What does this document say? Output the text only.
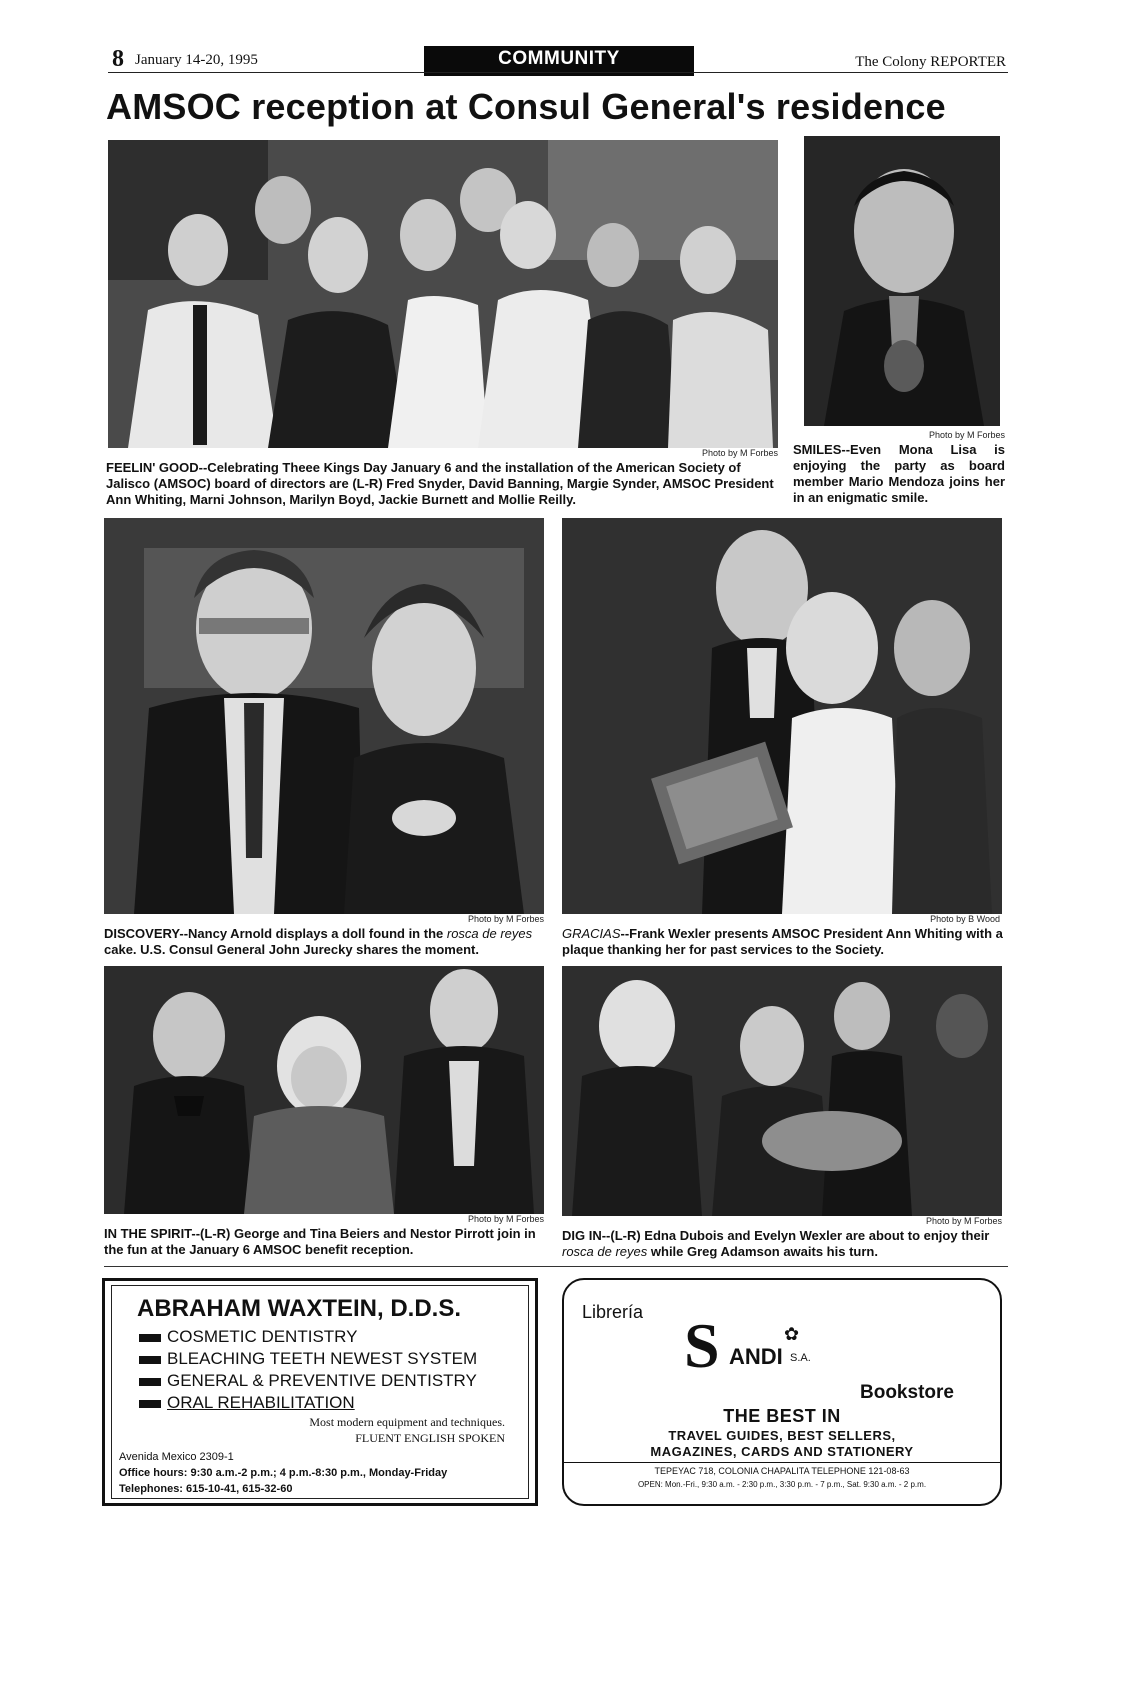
8 January 14-20, 1995	COMMUNITY	The Colony REPORTER
AMSOC reception at Consul General's residence
Photo by M Forbes
FEELIN' GOOD--Celebrating Theee Kings Day January 6 and the installation of the American Society of Jalisco (AMSOC) board of directors are (L-R) Fred Snyder, David Banning, Margie Synder, AMSOC President Ann Whiting, Marni Johnson, Marilyn Boyd, Jackie Burnett and Mollie Reilly.
Photo by M Forbes
SMILES--Even Mona Lisa is enjoying the party as board member Mario Mendoza joins her in an enigmatic smile.
Photo by M Forbes
DISCOVERY--Nancy Arnold displays a doll found in the rosca de reyes cake. U.S. Consul General John Jurecky shares the moment.
Photo by B Wood
GRACIAS--Frank Wexler presents AMSOC President Ann Whiting with a plaque thanking her for past services to the Society.
Photo by M Forbes
IN THE SPIRIT--(L-R) George and Tina Beiers and Nestor Pirrott join in the fun at the January 6 AMSOC benefit reception.
Photo by M Forbes
DIG IN--(L-R) Edna Dubois and Evelyn Wexler are about to enjoy their rosca de reyes while Greg Adamson awaits his turn.
ABRAHAM WAXTEIN, D.D.S.
COSMETIC DENTISTRY
BLEACHING TEETH NEWEST SYSTEM
GENERAL & PREVENTIVE DENTISTRY
ORAL REHABILITATION
Most modern equipment and techniques.
FLUENT ENGLISH SPOKEN
Avenida Mexico 2309-1
Office hours: 9:30 a.m.-2 p.m.; 4 p.m.-8:30 p.m., Monday-Friday
Telephones: 615-10-41, 615-32-60
Librería S	✿
ANDI S.A.
Bookstore
THE BEST IN
TRAVEL GUIDES, BEST SELLERS,
MAGAZINES, CARDS AND STATIONERY
TEPEYAC 718, COLONIA CHAPALITA TELEPHONE 121-08-63
OPEN: Mon.-Fri., 9:30 a.m. - 2:30 p.m., 3:30 p.m. - 7 p.m., Sat. 9:30 a.m. - 2 p.m.
